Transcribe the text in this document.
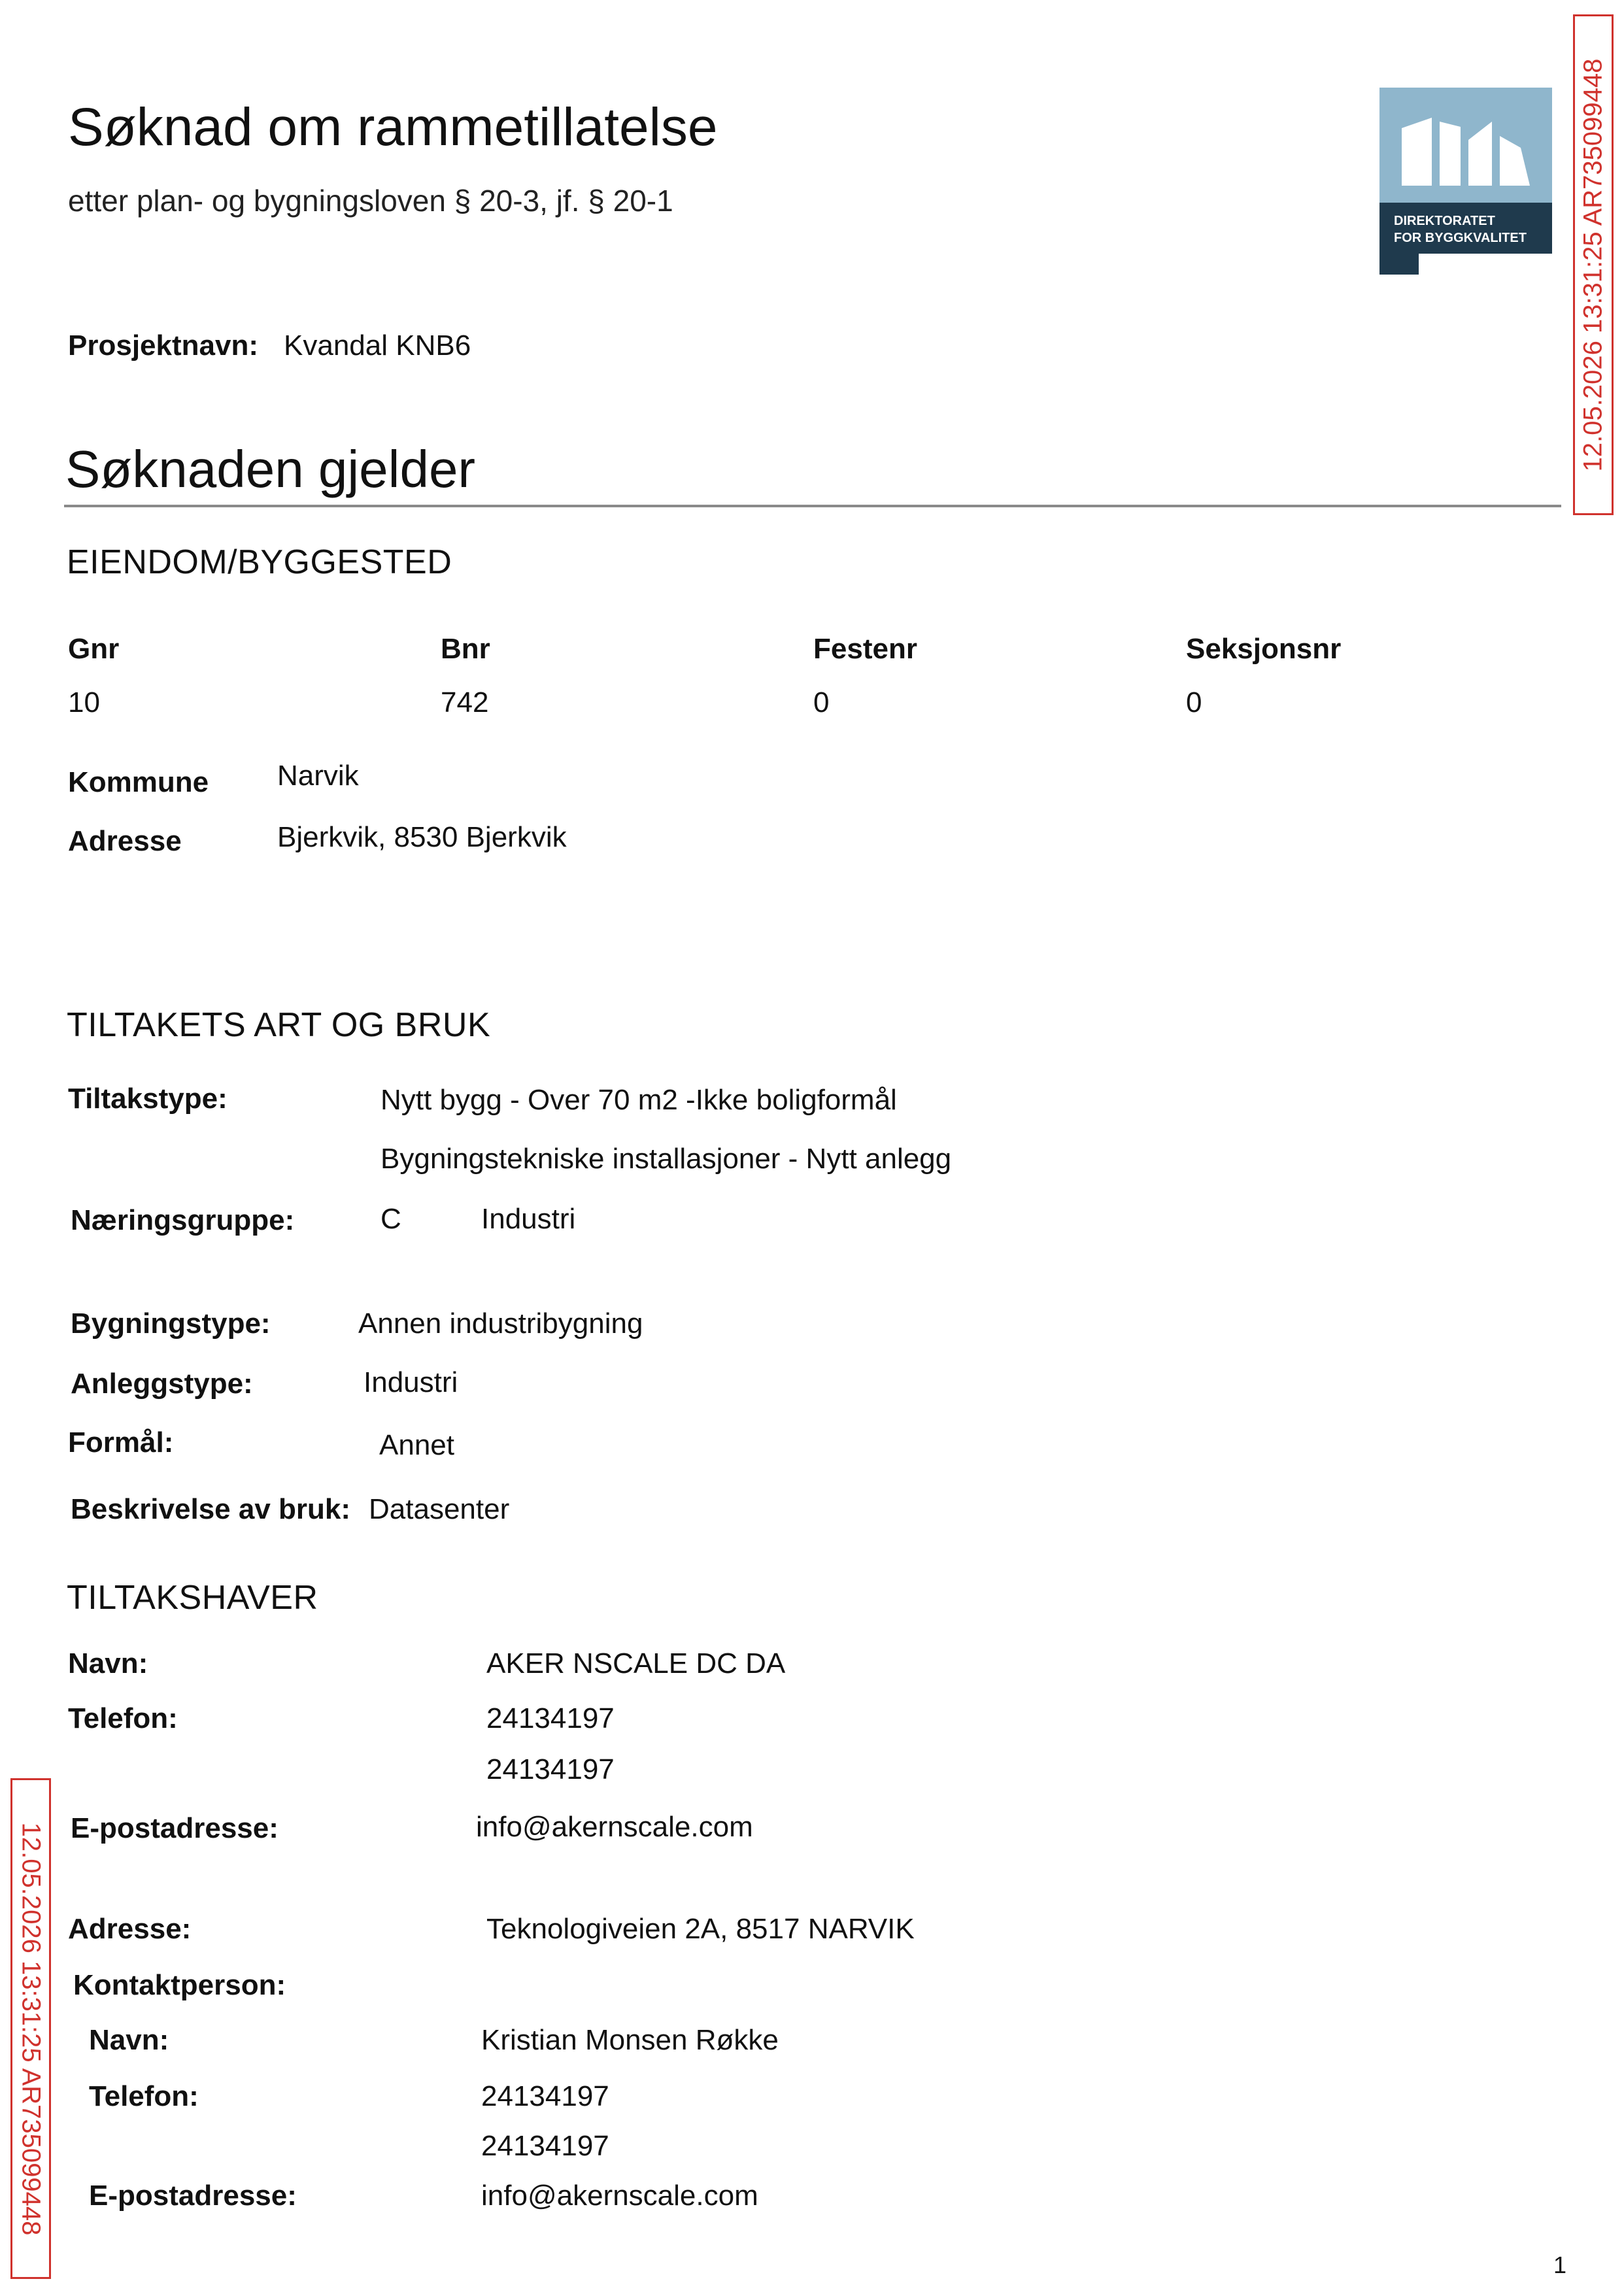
Søknad om rammetillatelse
etter plan- og bygningsloven § 20-3, jf. § 20-1
DIREKTORATET
FOR BYGGKVALITET 12.05.2026 13:31:25 AR735099448
12.05.2026 13:31:25 AR735099448
Prosjektnavn: Kvandal KNB6
Søknaden gjelder
EIENDOM/BYGGESTED
Gnr
10
Bnr
742
Festenr
0
Seksjonsnr
0
Kommune Narvik
Adresse	Bjerkvik, 8530 Bjerkvik
TILTAKETS ART OG BRUK
Tiltakstype:	Nytt bygg - Over 70 m2 -Ikke boligformål
Bygningstekniske installasjoner - Nytt anlegg
Næringsgruppe:	C	Industri
Bygningstype:	Annen industribygning
Anleggstype:	Industri
Formål:	Annet
Beskrivelse av bruk: Datasenter
TILTAKSHAVER
Navn:	AKER NSCALE DC DA
Telefon:	24134197
24134197
E-postadresse:	info@akernscale.com
Adresse:	Teknologiveien 2A, 8517 NARVIK
Kontaktperson:
Navn:	Kristian Monsen Røkke
Telefon:	24134197
24134197
E-postadresse:	info@akernscale.com
1
